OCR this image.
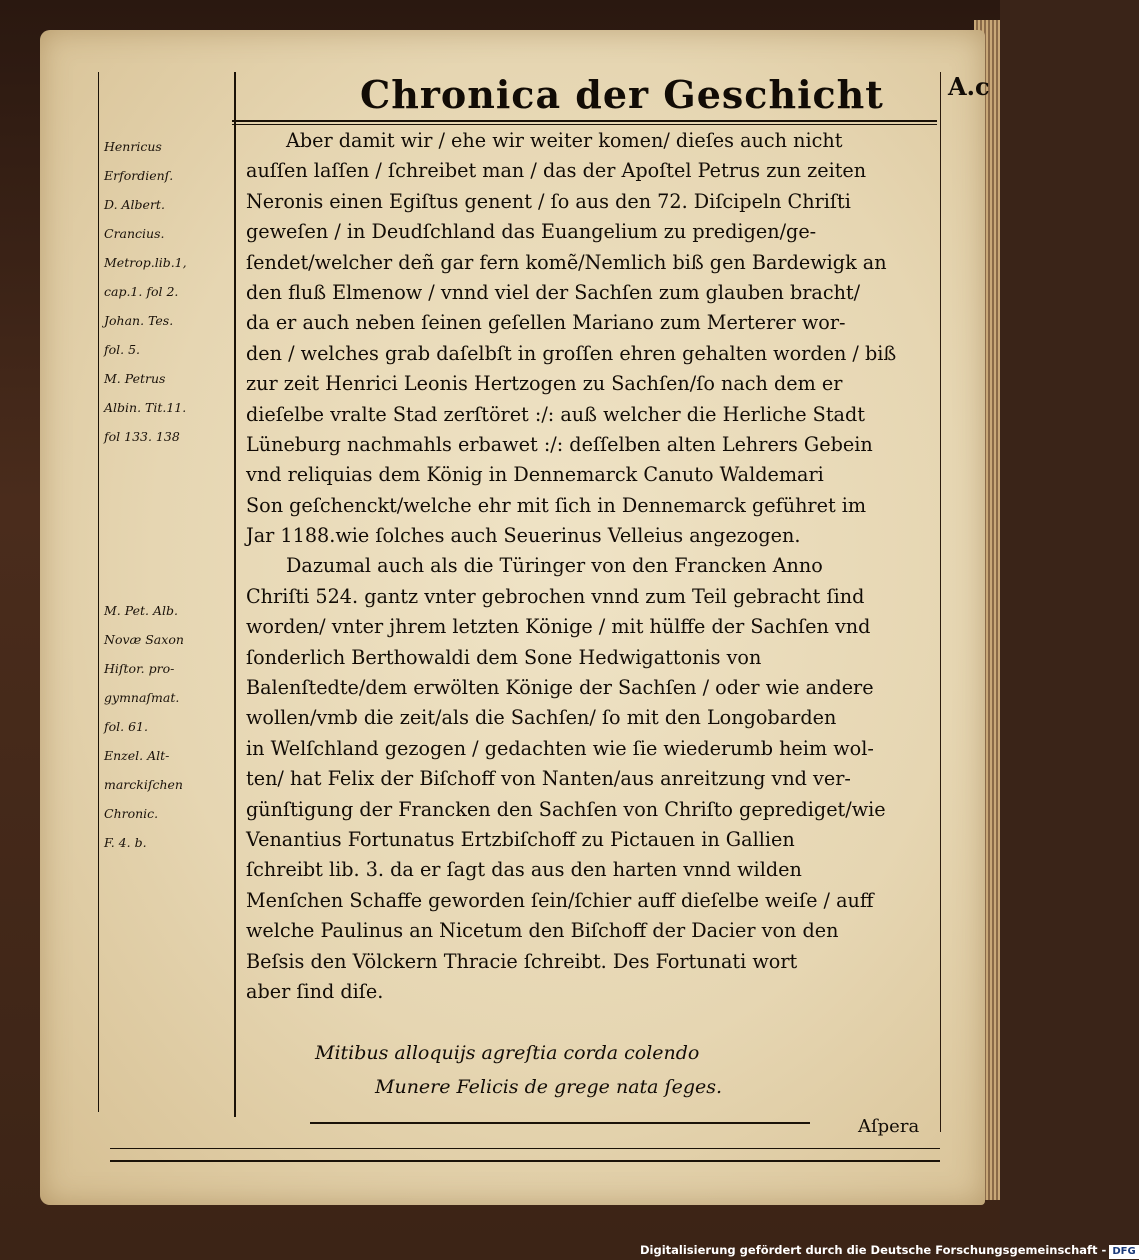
Chronica der Geschicht	A.c
Henricus
Erfordienſ.
D. Albert.
Crancius.
Metrop.lib.1,
cap.1. fol 2.
Johan. Tes.
fol. 5.
M. Petrus
Albin. Tit.11.
fol 133. 138
M. Pet. Alb.
Novæ Saxon
Hiſtor. pro-
gymnaſmat.
fol. 61.
Enzel. Alt-
marckiſchen
Chronic.
F. 4. b.
Aber damit wir / ehe wir weiter komen/ dieſes auch nicht
auſſen laſſen / ſchreibet man / das der Apoſtel Petrus zun zeiten
Neronis einen Egiſtus genent / ſo aus den 72. Diſcipeln Chriſti
geweſen / in Deudſchland das Euangelium zu predigen/ge-
ſendet/welcher deñ gar fern komẽ/Nemlich biß gen Bardewigk an
den fluß Elmenow / vnnd viel der Sachſen zum glauben bracht/
da er auch neben ſeinen geſellen Mariano zum Merterer wor-
den / welches grab daſelbſt in groſſen ehren gehalten worden / biß
zur zeit Henrici Leonis Hertzogen zu Sachſen/ſo nach dem er
dieſelbe vralte Stad zerſtöret :/: auß welcher die Herliche Stadt
Lüneburg nachmahls erbawet :/: deſſelben alten Lehrers Gebein
vnd reliquias dem König in Dennemarck Canuto Waldemari
Son geſchenckt/welche ehr mit ſich in Dennemarck geführet im
Jar 1188.wie ſolches auch Seuerinus Velleius angezogen.
Dazumal auch als die Türinger von den Francken Anno
Chriſti 524. gantz vnter gebrochen vnnd zum Teil gebracht ſind
worden/ vnter jhrem letzten Könige / mit hülffe der Sachſen vnd
ſonderlich Berthowaldi dem Sone Hedwigattonis von
Balenſtedte/dem erwölten Könige der Sachſen / oder wie andere
wollen/vmb die zeit/als die Sachſen/ ſo mit den Longobarden
in Welſchland gezogen / gedachten wie ſie wiederumb heim wol-
ten/ hat Felix der Biſchoff von Nanten/aus anreitzung vnd ver-
günſtigung der Francken den Sachſen von Chriſto geprediget/wie
Venantius Fortunatus Ertzbiſchoff zu Pictauen in Gallien
ſchreibt lib. 3. da er ſagt das aus den harten vnnd wilden
Menſchen Schaffe geworden ſein/ſchier auff dieſelbe weiſe / auff
welche Paulinus an Nicetum den Biſchoff der Dacier von den
Beſsis den Völckern Thracie ſchreibt. Des Fortunati wort
aber ſind diſe.
Mitibus alloquijs agreſtia corda colendo
Munere Felicis de grege nata ſeges.
Aſpera
Digitalisierung gefördert durch die Deutsche Forschungsgemeinschaft - DFG
